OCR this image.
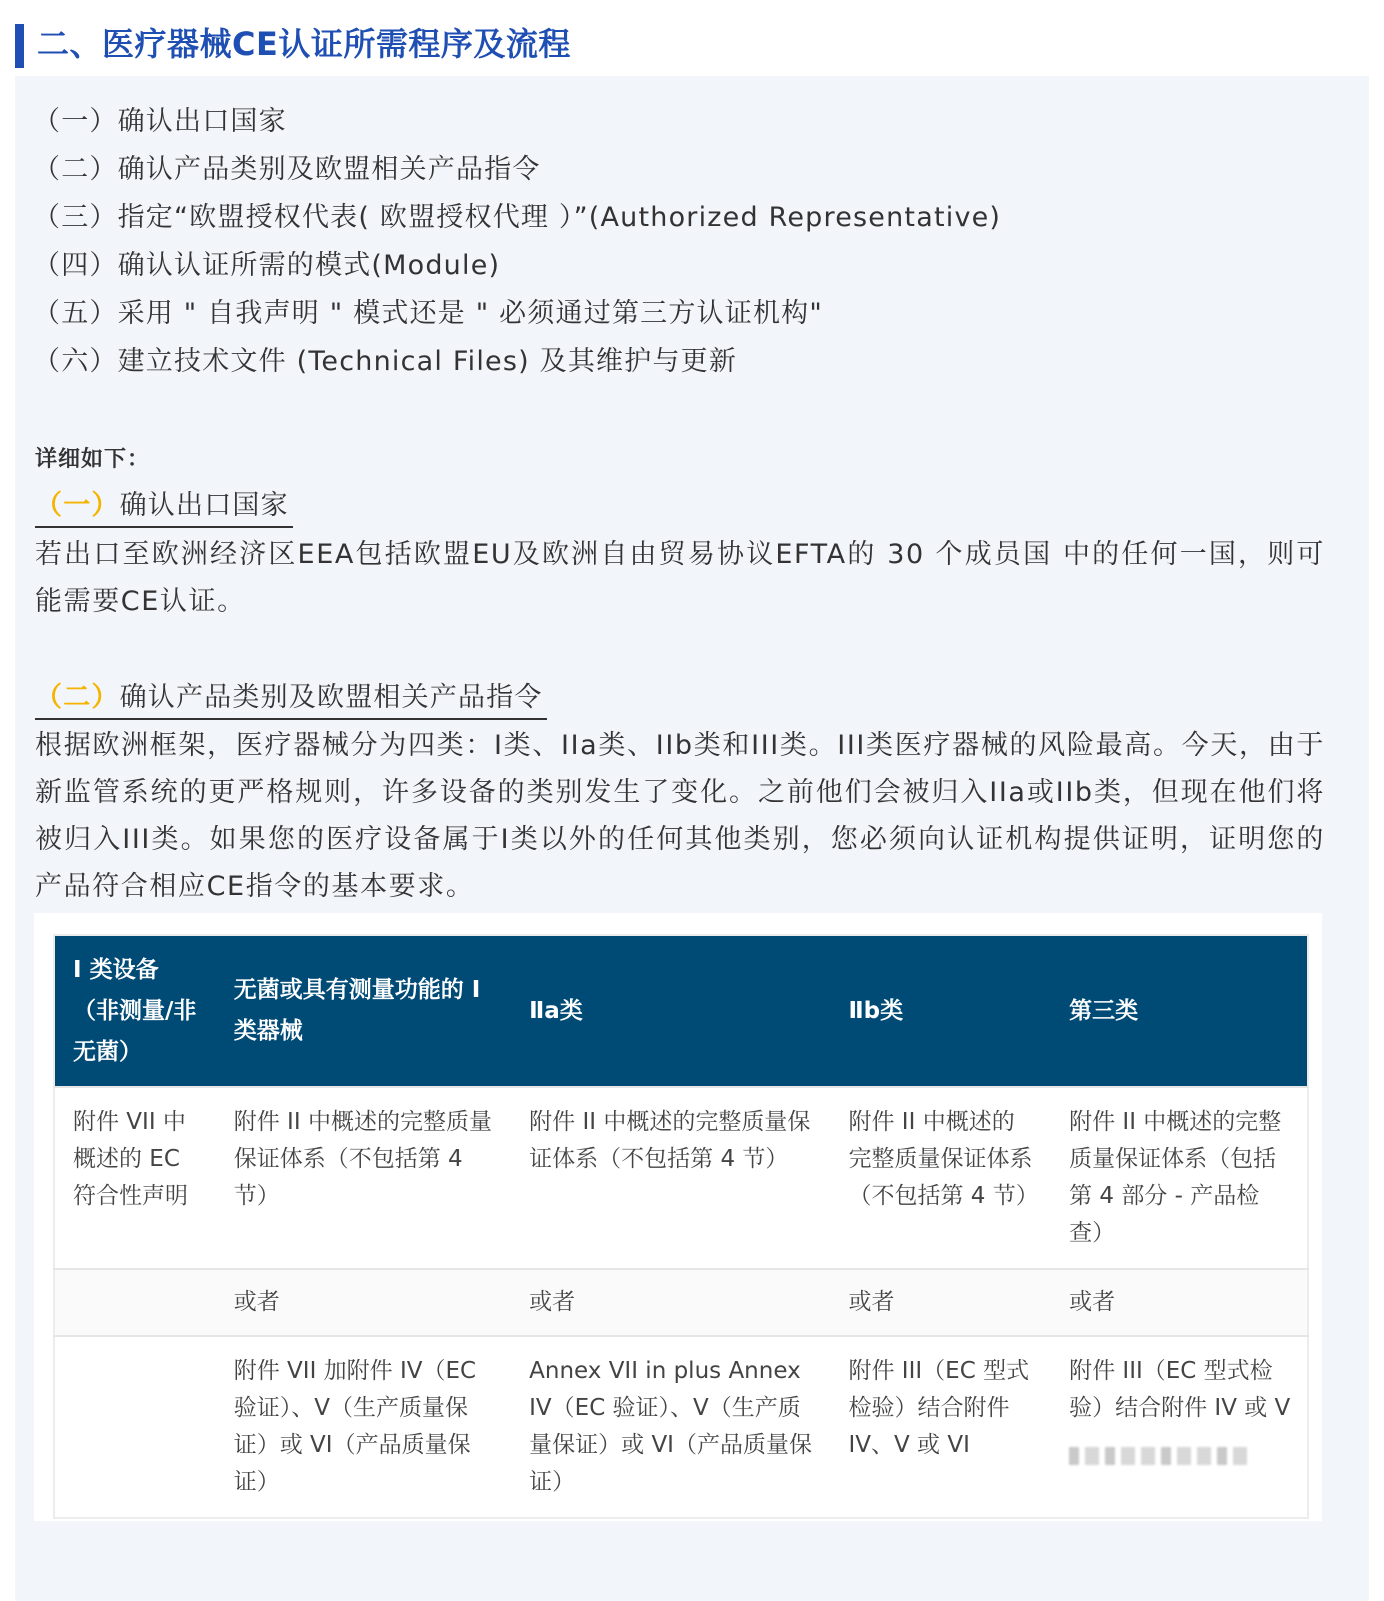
二、医疗器械CE认证所需程序及流程
（一）确认出口国家
（二）确认产品类别及欧盟相关产品指令
（三）指定“欧盟授权代表( 欧盟授权代理 ）”(Authorized Representative)
（四）确认认证所需的模式(Module)
（五）采用 " 自我声明 " 模式还是 " 必须通过第三方认证机构"
（六）建立技术文件 (Technical Files) 及其维护与更新
详细如下：
（一）确认出口国家
若出口至欧洲经济区EEA包括欧盟EU及欧洲自由贸易协议EFTA的 30 个成员国 中的任何一国，则可能需要CE认证。
（二）确认产品类别及欧盟相关产品指令
根据欧洲框架，医疗器械分为四类：I类、IIa类、IIb类和III类。III类医疗器械的风险最高。今天，由于新监管系统的更严格规则，许多设备的类别发生了变化。之前他们会被归入IIa或IIb类，但现在他们将被归入III类。如果您的医疗设备属于I类以外的任何其他类别，您必须向认证机构提供证明，证明您的产品符合相应CE指令的基本要求。
I 类设备（非测量/非无菌）	无菌或具有测量功能的 I 类器械	Ⅱa类	Ⅱb类	第三类
附件 VII 中概述的 EC 符合性声明	附件 II 中概述的完整质量保证体系（不包括第 4 节）	附件 II 中概述的完整质量保证体系（不包括第 4 节）	附件 II 中概述的完整质量保证体系（不包括第 4 节）	附件 II 中概述的完整质量保证体系（包括第 4 部分 - 产品检查）
	或者	或者	或者	或者
	附件 VII 加附件 IV（EC 验证）、V（生产质量保证）或 VI（产品质量保证）	Annex VII in plus Annex IV（EC 验证）、V（生产质量保证）或 VI（产品质量保证）	附件 III（EC 型式检验）结合附件 IV、V 或 VI	附件 III（EC 型式检验）结合附件 IV 或 V
